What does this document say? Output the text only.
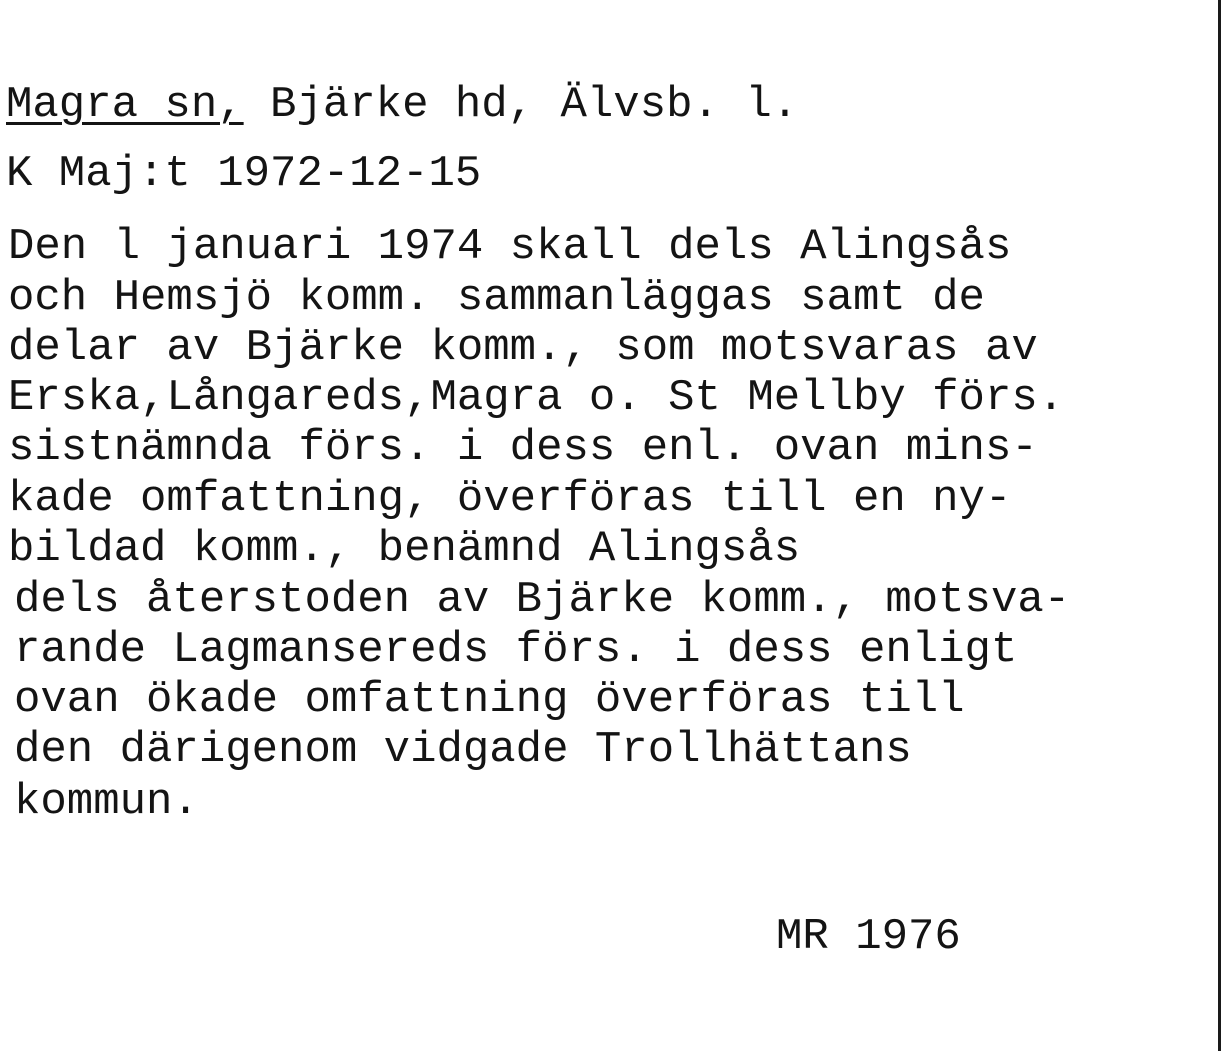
Magra sn, Bjärke hd, Älvsb. l.
K Maj:t 1972-12-15
Den l januari 1974 skall dels Alingsås
och Hemsjö komm. sammanläggas samt de
delar av Bjärke komm., som motsvaras av
Erska,Långareds,Magra o. St Mellby förs.
sistnämnda förs. i dess enl. ovan mins-
kade omfattning, överföras till en ny-
bildad komm., benämnd Alingsås
dels återstoden av Bjärke komm., motsva-
rande Lagmansereds förs. i dess enligt
ovan ökade omfattning överföras till
den därigenom vidgade Trollhättans
kommun.
MR 1976
